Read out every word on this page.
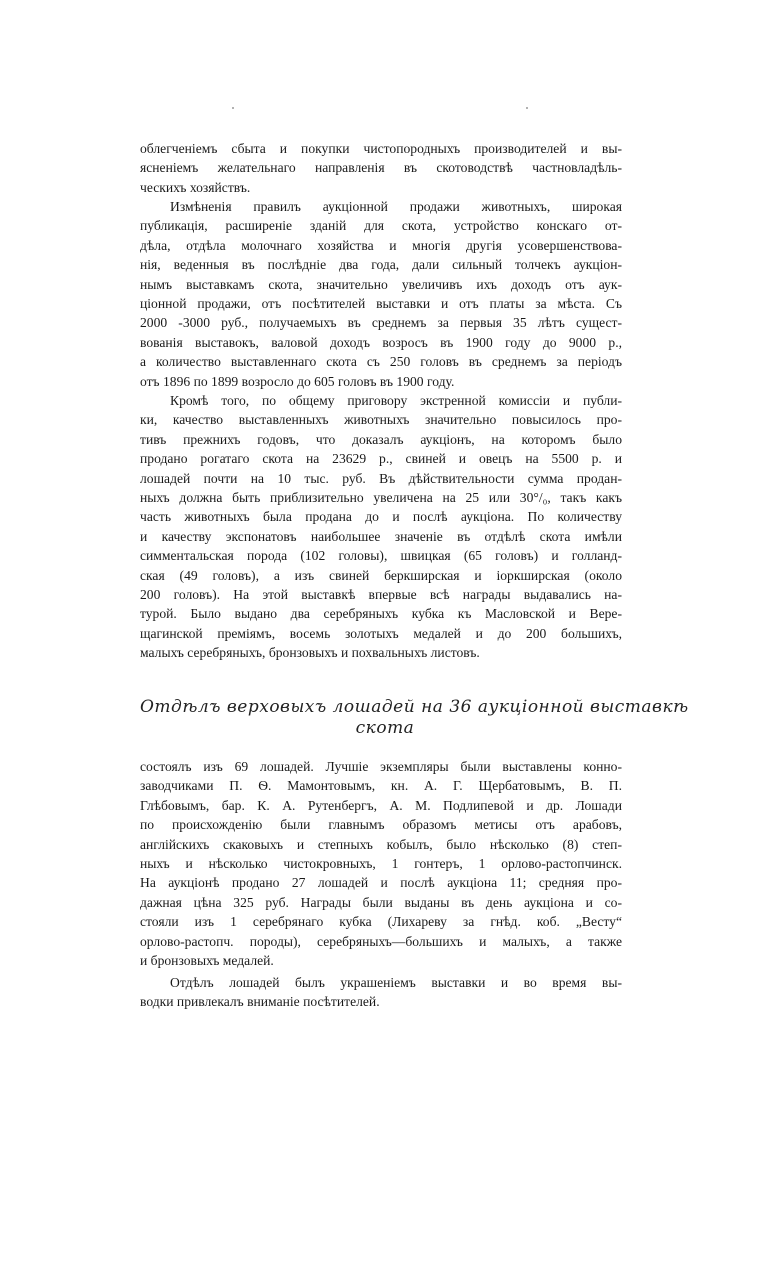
облегченіемъ сбыта и покупки чистопородныхъ производителей и вы-
ясненіемъ желательнаго направленія въ скотоводствѣ частновладѣль-
ческихъ хозяйствъ.
Измѣненія правилъ аукціонной продажи животныхъ, широкая
публикація, расширеніе зданій для скота, устройство конскаго от-
дѣла, отдѣла молочнаго хозяйства и многія другія усовершенствова-
нія, веденныя въ послѣдніе два года, дали сильный толчекъ аукціон-
нымъ выставкамъ скота, значительно увеличивъ ихъ доходъ отъ аук-
ціонной продажи, отъ посѣтителей выставки и отъ платы за мѣста. Съ
2000 -3000 руб., получаемыхъ въ среднемъ за первыя 35 лѣтъ сущест-
вованія выставокъ, валовой доходъ возросъ въ 1900 году до 9000 р.,
а количество выставленнаго скота съ 250 головъ въ среднемъ за періодъ
отъ 1896 по 1899 возросло до 605 головъ въ 1900 году.
Кромѣ того, по общему приговору экстренной комиссіи и публи-
ки, качество выставленныхъ животныхъ значительно повысилось про-
тивъ прежнихъ годовъ, что доказалъ аукціонъ, на которомъ было
продано рогатаго скота на 23629 р., свиней и овецъ на 5500 р. и
лошадей почти на 10 тыс. руб. Въ дѣйствительности сумма продан-
ныхъ должна быть приблизительно увеличена на 25 или 30°/₀, такъ какъ
часть животныхъ была продана до и послѣ аукціона. По количеству
и качеству экспонатовъ наибольшее значеніе въ отдѣлѣ скота имѣли
симментальская порода (102 головы), швицкая (65 головъ) и голланд-
ская (49 головъ), а изъ свиней беркширская и іоркширская (около
200 головъ). На этой выставкѣ впервые всѣ награды выдавались на-
турой. Было выдано два серебряныхъ кубка къ Масловской и Вере-
щагинской преміямъ, восемь золотыхъ медалей и до 200 большихъ,
малыхъ серебряныхъ, бронзовыхъ и похвальныхъ листовъ.
Отдѣлъ верховыхъ лошадей на 36 аукціонной выставкѣ
скота
состоялъ изъ 69 лошадей. Лучшіе экземпляры были выставлены конно-
заводчиками П. Ѳ. Мамонтовымъ, кн. А. Г. Щербатовымъ, В. П.
Глѣбовымъ, бар. К. А. Рутенбергъ, А. М. Подлипевой и др. Лошади
по происхожденію были главнымъ образомъ метисы отъ арабовъ,
англійскихъ скаковыхъ и степныхъ кобылъ, было нѣсколько (8) степ-
ныхъ и нѣсколько чистокровныхъ, 1 гонтеръ, 1 орлово-растопчинск.
На аукціонѣ продано 27 лошадей и послѣ аукціона 11; средняя про-
дажная цѣна 325 руб. Награды были выданы въ день аукціона и со-
стояли изъ 1 серебрянаго кубка (Лихареву за гнѣд. коб. „Весту“
орлово-растопч. породы), серебряныхъ—большихъ и малыхъ, а также
и бронзовыхъ медалей.
Отдѣлъ лошадей былъ украшеніемъ выставки и во время вы-
водки привлекалъ вниманіе посѣтителей.
